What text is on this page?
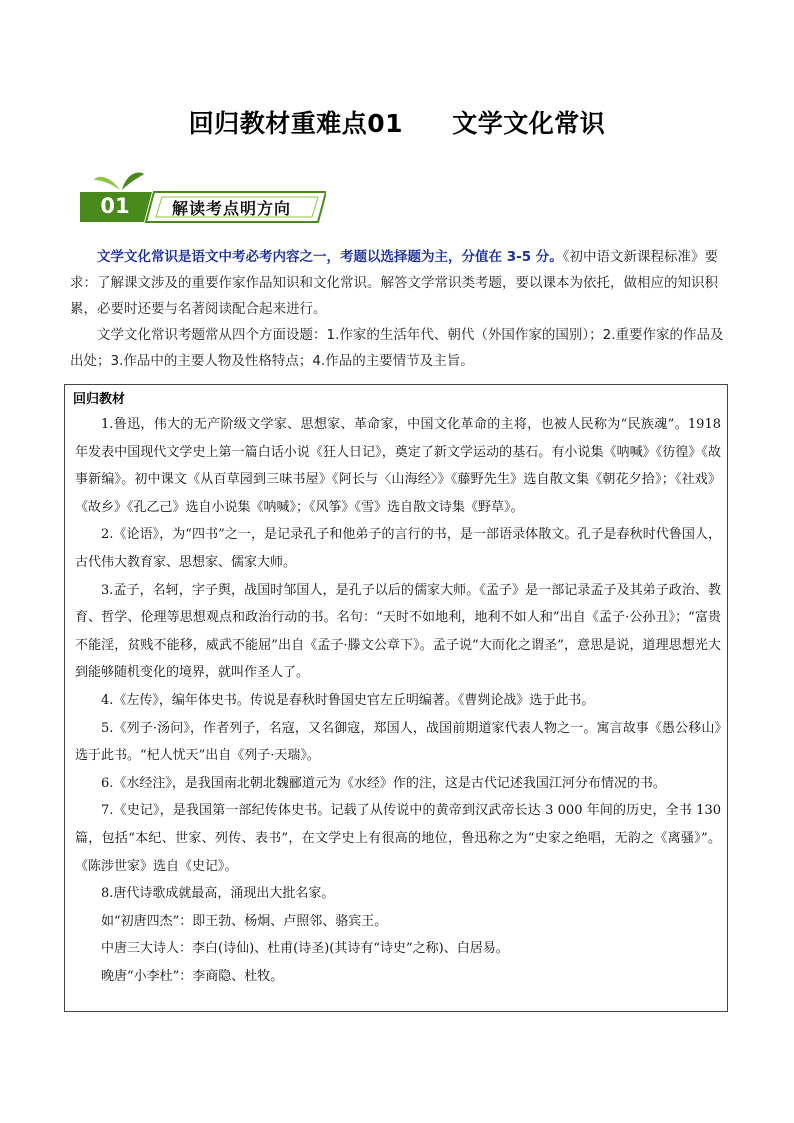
回归教材重难点01 文学文化常识
01	解读考点明方向

文学文化常识是语文中考必考内容之一，考题以选择题为主，分值在 3-5 分。《初中语文新课程标准》要求：了解课文涉及的重要作家作品知识和文化常识。解答文学常识类考题，要以课本为依托，做相应的知识积累，必要时还要与名著阅读配合起来进行。

文学文化常识考题常从四个方面设题：1.作家的生活年代、朝代（外国作家的国别）；2.重要作家的作品及出处；3.作品中的主要人物及性格特点；4.作品的主要情节及主旨。

回归教材

1.鲁迅，伟大的无产阶级文学家、思想家、革命家，中国文化革命的主将，也被人民称为“民族魂”。1918 年发表中国现代文学史上第一篇白话小说《狂人日记》，奠定了新文学运动的基石。有小说集《呐喊》《彷徨》《故事新编》。初中课文《从百草园到三味书屋》《阿长与〈山海经〉》《藤野先生》选自散文集《朝花夕拾》；《社戏》《故乡》《孔乙己》选自小说集《呐喊》；《风筝》《雪》选自散文诗集《野草》。

2.《论语》，为“四书”之一，是记录孔子和他弟子的言行的书，是一部语录体散文。孔子是春秋时代鲁国人，古代伟大教育家、思想家、儒家大师。

3.孟子，名轲，字子舆，战国时邹国人，是孔子以后的儒家大师。《孟子》是一部记录孟子及其弟子政治、教育、哲学、伦理等思想观点和政治行动的书。名句：“天时不如地利，地利不如人和”出自《孟子·公孙丑》；“富贵不能淫，贫贱不能移，威武不能屈”出自《孟子·滕文公章下》。孟子说“大而化之谓圣”，意思是说，道理思想光大到能够随机变化的境界，就叫作圣人了。

4.《左传》，编年体史书。传说是春秋时鲁国史官左丘明编著。《曹刿论战》选于此书。

5.《列子·汤问》，作者列子，名寇，又名御寇，郑国人，战国前期道家代表人物之一。寓言故事《愚公移山》选于此书。“杞人忧天”出自《列子·天瑞》。

6.《水经注》，是我国南北朝北魏郦道元为《水经》作的注，这是古代记述我国江河分布情况的书。

7.《史记》，是我国第一部纪传体史书。记载了从传说中的黄帝到汉武帝长达 3 000 年间的历史，全书 130 篇，包括“本纪、世家、列传、表书”，在文学史上有很高的地位，鲁迅称之为“史家之绝唱，无韵之《离骚》”。《陈涉世家》选自《史记》。

8.唐代诗歌成就最高，涌现出大批名家。

如“初唐四杰”：即王勃、杨炯、卢照邻、骆宾王。

中唐三大诗人：李白(诗仙)、杜甫(诗圣)(其诗有“诗史”之称)、白居易。

晚唐“小李杜”：李商隐、杜牧。
